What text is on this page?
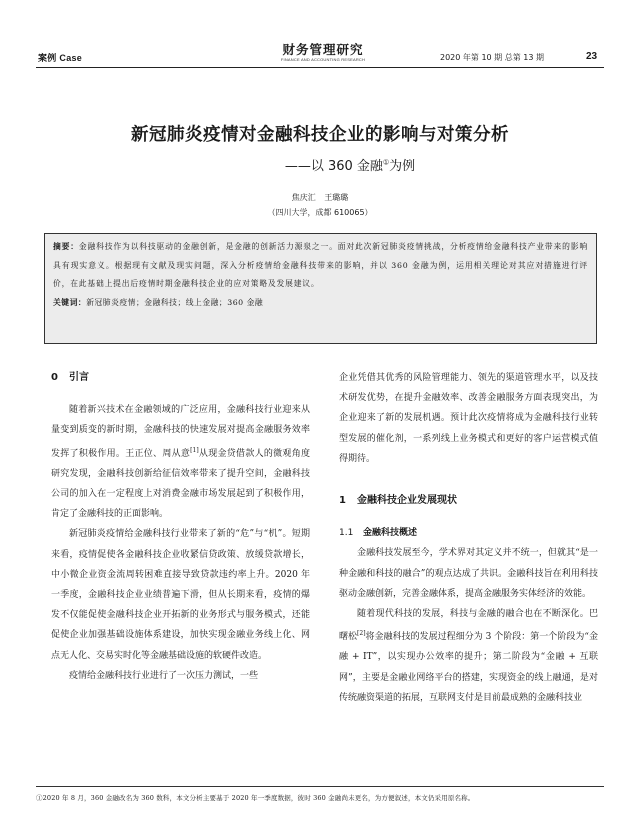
案例 Case
财务管理研究
FINANCE AND ACCOUNTING RESEARCH	2020 年第 10 期 总第 13 期	23
新冠肺炎疫情对金融科技企业的影响与对策分析
——以 360 金融①为例
焦庆汇 王璐璐
（四川大学，成都 610065）
摘要：金融科技作为以科技驱动的金融创新，是金融的创新活力源泉之一。面对此次新冠肺炎疫情挑战，分析疫情给金融科技产业带来的影响具有现实意义。根据现有文献及现实问题，深入分析疫情给金融科技带来的影响，并以 360 金融为例，运用相关理论对其应对措施进行评价，在此基础上提出后疫情时期金融科技企业的应对策略及发展建议。
关键词：新冠肺炎疫情；金融科技；线上金融；360 金融

0 引言

随着新兴技术在金融领域的广泛应用，金融科技行业迎来从量变到质变的新时期，金融科技的快速发展对提高金融服务效率发挥了积极作用。王正位、周从意[1]从现金贷借款人的微观角度研究发现，金融科技创新给征信效率带来了提升空间，金融科技公司的加入在一定程度上对消费金融市场发展起到了积极作用，肯定了金融科技的正面影响。

新冠肺炎疫情给金融科技行业带来了新的“危”与“机”。短期来看，疫情促使各金融科技企业收紧信贷政策、放缓贷款增长，中小微企业资金流周转困难直接导致贷款违约率上升。2020 年一季度，金融科技企业业绩普遍下滑，但从长期来看，疫情的爆发不仅能促使金融科技企业开拓新的业务形式与服务模式，还能促使企业加强基础设施体系建设，加快实现金融业务线上化、网点无人化、交易实时化等金融基础设施的软硬件改造。

疫情给金融科技行业进行了一次压力测试，一些

企业凭借其优秀的风险管理能力、领先的渠道管理水平，以及技术研发优势，在提升金融效率、改善金融服务方面表现突出，为企业迎来了新的发展机遇。预计此次疫情将成为金融科技行业转型发展的催化剂，一系列线上业务模式和更好的客户运营模式值得期待。

1 金融科技企业发展现状

1.1 金融科技概述

金融科技发展至今，学术界对其定义并不统一，但就其“是一种金融和科技的融合”的观点达成了共识。金融科技旨在利用科技驱动金融创新，完善金融体系，提高金融服务实体经济的效能。

随着现代科技的发展，科技与金融的融合也在不断深化。巴曙松[2]将金融科技的发展过程细分为 3 个阶段：第一个阶段为“金融 + IT”，以实现办公效率的提升；第二阶段为“金融 + 互联网”，主要是金融业网络平台的搭建，实现资金的线上融通，是对传统融资渠道的拓展，互联网支付是目前最成熟的金融科技业

①2020 年 8 月，360 金融改名为 360 数科，本文分析主要基于 2020 年一季度数据，彼时 360 金融尚未更名，为方便叙述，本文仍采用原名称。
